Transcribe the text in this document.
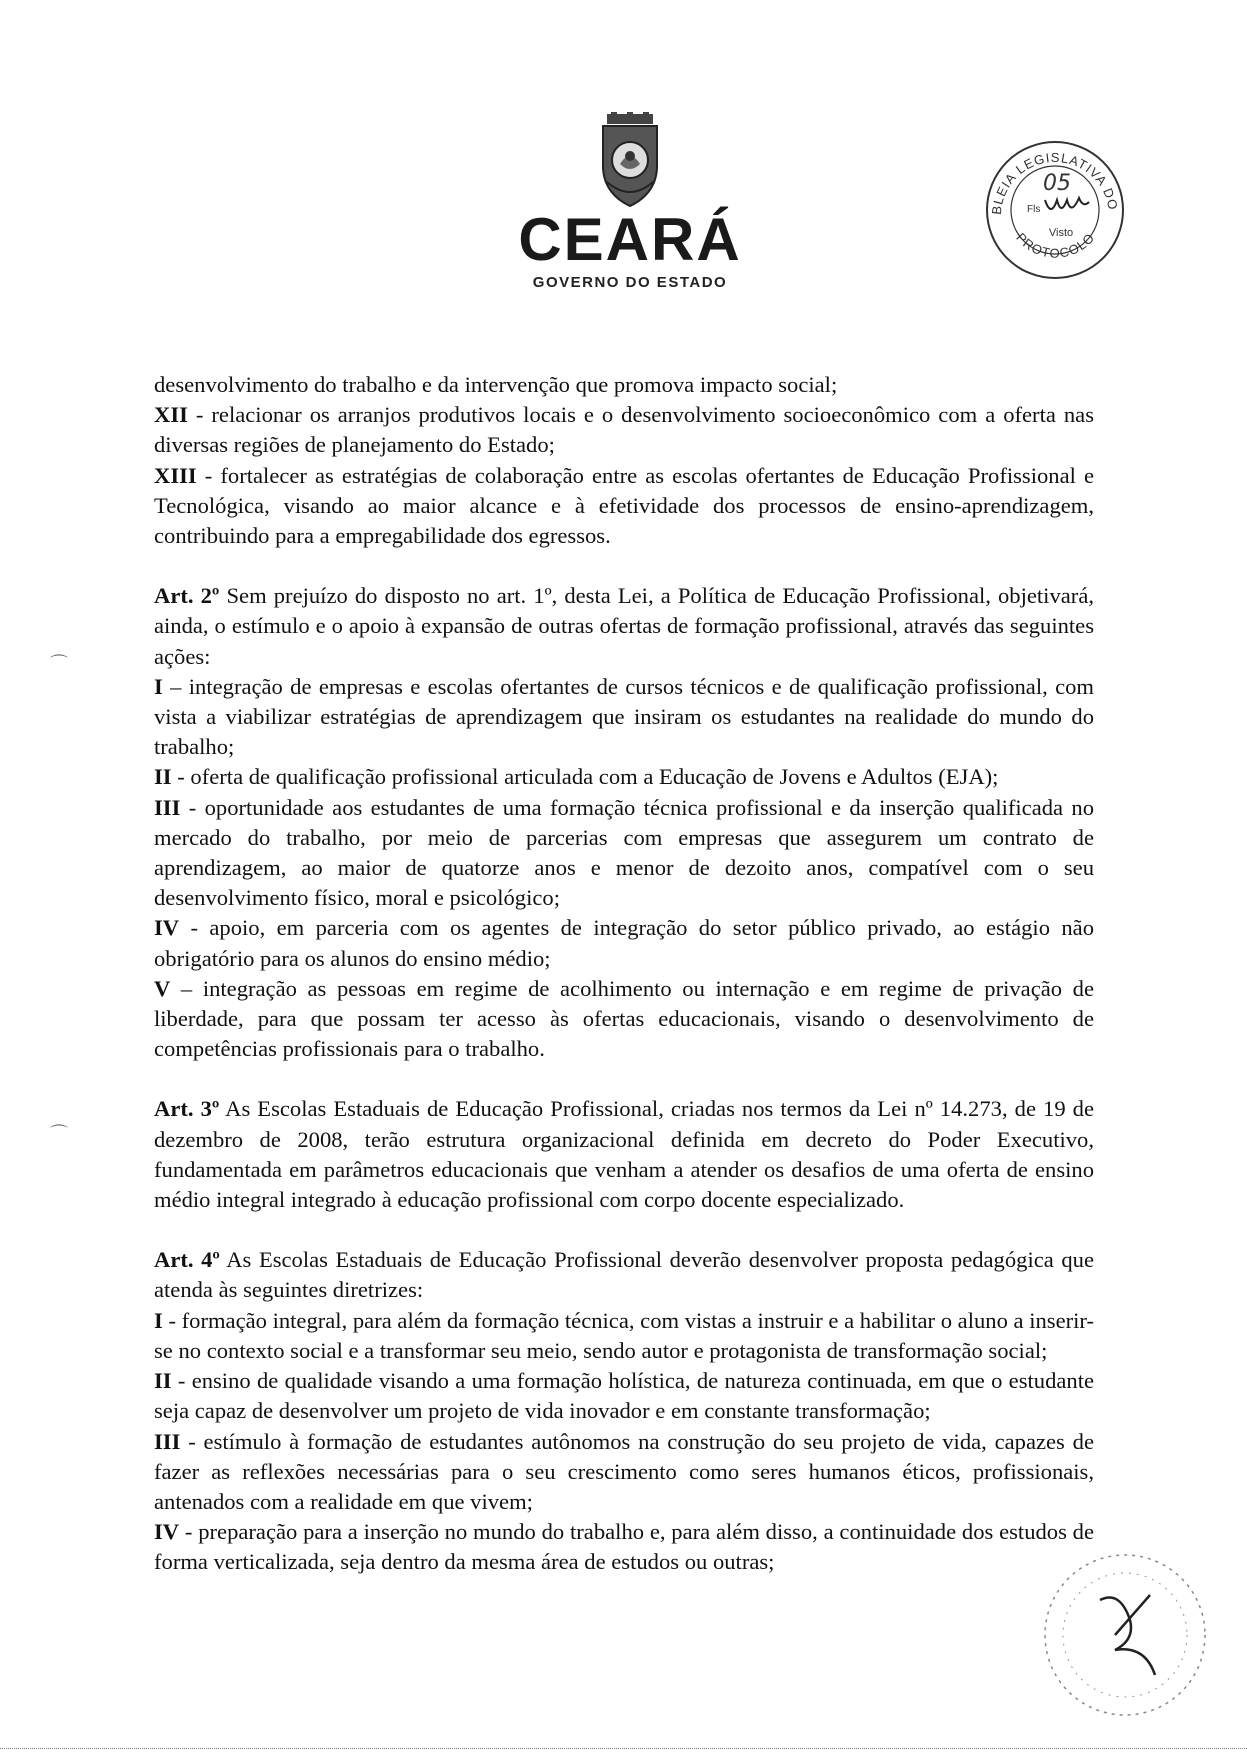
CEARÁ
GOVERNO DO ESTADO
BLEIA LEGISLATIVA DO
PROTOCOLO
05
Fls
Visto
⌒
⌒

desenvolvimento do trabalho e da intervenção que promova impacto social;

XII - relacionar os arranjos produtivos locais e o desenvolvimento socioeconômico com a oferta nas diversas regiões de planejamento do Estado;

XIII - fortalecer as estratégias de colaboração entre as escolas ofertantes de Educação Profissional e Tecnológica, visando ao maior alcance e à efetividade dos processos de ensino-aprendizagem, contribuindo para a empregabilidade dos egressos.

Art. 2º Sem prejuízo do disposto no art. 1º, desta Lei, a Política de Educação Profissional, objetivará, ainda, o estímulo e o apoio à expansão de outras ofertas de formação profissional, através das seguintes ações:

I – integração de empresas e escolas ofertantes de cursos técnicos e de qualificação profissional, com vista a viabilizar estratégias de aprendizagem que insiram os estudantes na realidade do mundo do trabalho;

II - oferta de qualificação profissional articulada com a Educação de Jovens e Adultos (EJA);

III - oportunidade aos estudantes de uma formação técnica profissional e da inserção qualificada no mercado do trabalho, por meio de parcerias com empresas que assegurem um contrato de aprendizagem, ao maior de quatorze anos e menor de dezoito anos, compatível com o seu desenvolvimento físico, moral e psicológico;

IV - apoio, em parceria com os agentes de integração do setor público privado, ao estágio não obrigatório para os alunos do ensino médio;

V – integração as pessoas em regime de acolhimento ou internação e em regime de privação de liberdade, para que possam ter acesso às ofertas educacionais, visando o desenvolvimento de competências profissionais para o trabalho.

Art. 3º As Escolas Estaduais de Educação Profissional, criadas nos termos da Lei nº 14.273, de 19 de dezembro de 2008, terão estrutura organizacional definida em decreto do Poder Executivo, fundamentada em parâmetros educacionais que venham a atender os desafios de uma oferta de ensino médio integral integrado à educação profissional com corpo docente especializado.

Art. 4º As Escolas Estaduais de Educação Profissional deverão desenvolver proposta pedagógica que atenda às seguintes diretrizes:

I - formação integral, para além da formação técnica, com vistas a instruir e a habilitar o aluno a inserir-se no contexto social e a transformar seu meio, sendo autor e protagonista de transformação social;

II - ensino de qualidade visando a uma formação holística, de natureza continuada, em que o estudante seja capaz de desenvolver um projeto de vida inovador e em constante transformação;

III - estímulo à formação de estudantes autônomos na construção do seu projeto de vida, capazes de fazer as reflexões necessárias para o seu crescimento como seres humanos éticos, profissionais, antenados com a realidade em que vivem;

IV - preparação para a inserção no mundo do trabalho e, para além disso, a continuidade dos estudos de forma verticalizada, seja dentro da mesma área de estudos ou outras;
